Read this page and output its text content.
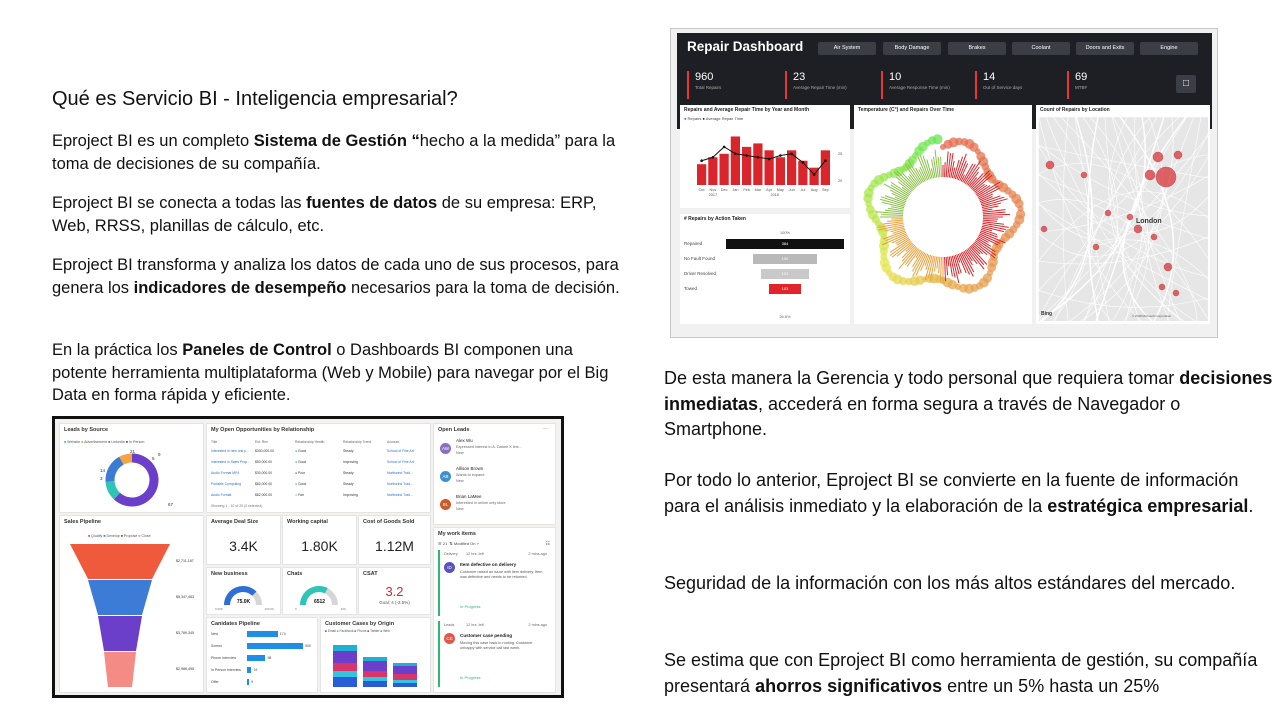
Qué es Servicio BI - Inteligencia empresarial?
Eproject BI es un completo Sistema de Gestión “hecho a la medida” para la toma de decisiones de su compañía.
Eproject BI se conecta a todas las fuentes de datos de su empresa: ERP, Web, RRSS, planillas de cálculo, etc.
Eproject BI transforma y analiza los datos de cada uno de sus procesos, para genera los indicadores de desempeño necesarios para la toma de decisión.
En la práctica los Paneles de Control o Dashboards BI componen una potente herramienta multiplataforma (Web y Mobile) para navegar por el Big Data en forma rápida y eficiente.
De esta manera la Gerencia y todo personal que requiera tomar decisiones inmediatas, accederá en forma segura a través de Navegador o Smartphone.
Por todo lo anterior, Eproject BI se convierte en la fuente de información para el análisis inmediato y la elaboración de la estratégica empresarial.
Seguridad de la información con los más altos estándares del mercado.
Se estima que con Eproject BI como herramienta de gestión, su compañía presentará ahorros significativos entre un 5% hasta un 25%
Repair Dashboard	Air System	Body Damage	Brakes	Coolant	Doors and Exits	Engine
960
Total Repairs
23
Average Repair Time (min)
10
Average Response Time (min)
14
Out of Service days
69
MTBF	□
Repairs and Average Repair Time by Year and Month
● Repairs ● Average Repair Time
Oct Nov Dec Jan Feb Mar Apr May Jun Jul Aug Sep
2017	2018
25
20
# Repairs by Action Taken
100%
Repaired	384
No Fault Found	192
Driver Resolved	121
Towed	103
26.8%
Temperature (C°) and Repairs Over Time	Count of Repairs by Location
London
Bing	© 2018 Microsoft Corporation
Leads by Source
■ Website ■ Advertisement ■ LinkedIn ■ In Person
21
9
6
14
3
67
My Open Opportunities by Relationship
Title	Est. Rev	Relationship Health	Relationship Trend	Account
Interested in new unit p... $300,000.00	● Good	Steady	School of Fine Art
Interested in Sales Prop... $50,000.00	● Good	Improving	School of Fine Art
Audio Format MP4	$30,000.00	● Poor	Steady	Northwind Trad...
Portable Computing	$82,000.00	● Good	Steady	Northwind Trad...
Audio Format	$82,000.00	● Fair	Improving	Northwind Trad...
Showing 1 - 10 of 20 (0 selected)
Open Leads	···
AW
Alex Wu
Expressed interest in A. Datum X line...
New
AB
Allison Brown
Wants to expand
New
BL
Brian LaMee
Interested in online only store
New
Sales Pipeline
■ Qualify ■ Develop ■ Propose ■ Close
$2,711,187
$5,347,463
$3,789,345
$2,986,495
Average Deal Size
3.4K
Working capital
1.80K
Cost of Goods Sold
1.12M
New business
75.0K
0.00K	100.0K
Chats
6512
0	10K
CSAT
3.2
Goal: 4 (-3.5%)
Canidates Pipeline
New	174
Screen	300
Phone Interview	98
In Person Interview	19
Offer	9
Customer Cases by Origin
■ Email ■ Facebook ■ Phone ■ Twitter ■ Web
My work items
☰ 21 ⇅ Modified On ˅	☷
Delivery 12 hrs. left	2 mins ago
ID
Item defective on delivery
Customer raised an issue with item delivery. Item was defective and needs to be returned.
In Progress
Leads	12 hrs. left	2 mins ago
CE
Customer case pending
Moving this case back in routing. Customer unhappy with service call last week.
In Progress
